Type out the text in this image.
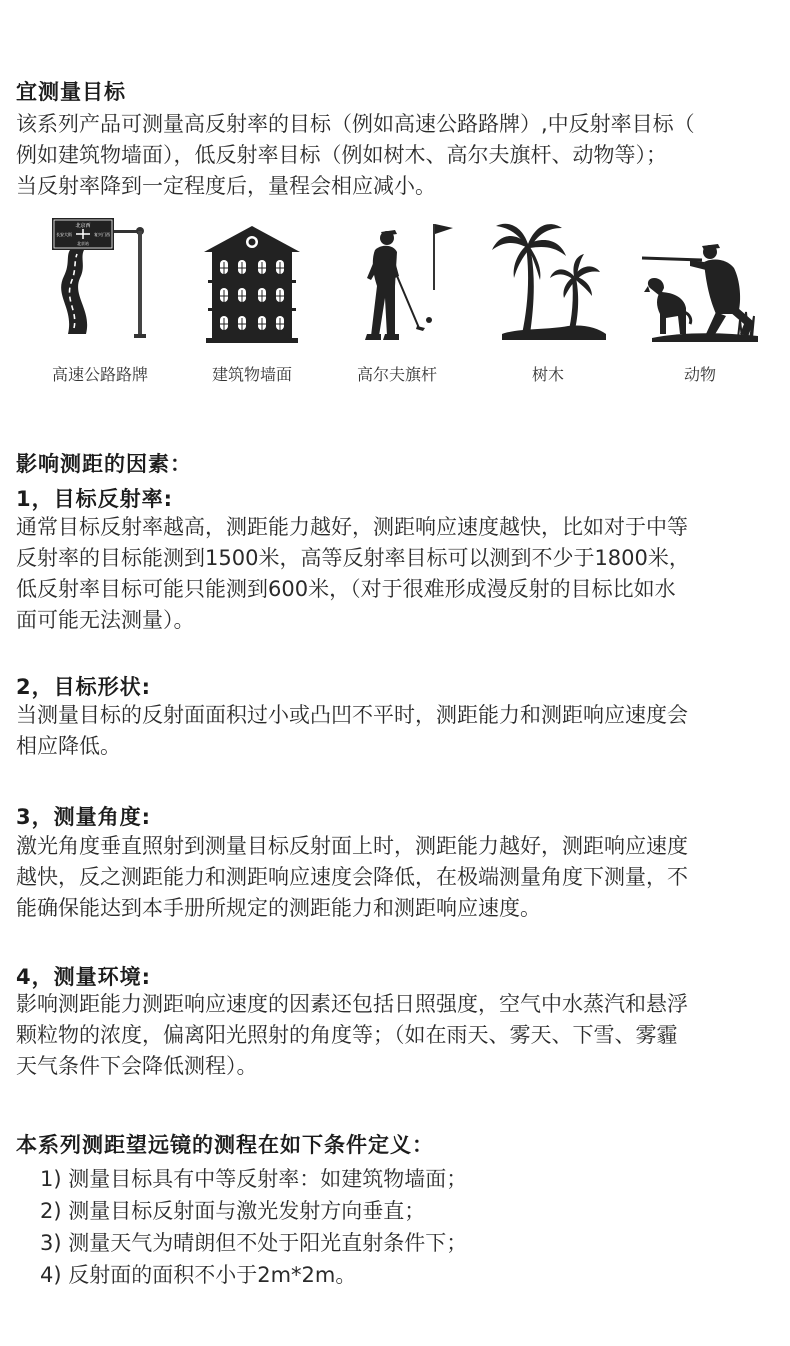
宜测量目标
该系列产品可测量高反射率的目标（例如高速公路路牌）,中反射率目标（
例如建筑物墙面），低反射率目标（例如树木、高尔夫旗杆、动物等）；
当反射率降到一定程度后，量程会相应减小。
北京西
长安大街	复兴门西
北京站
高速公路路牌	建筑物墙面	高尔夫旗杆	树木	动物
影响测距的因素：
1，目标反射率:
通常目标反射率越高，测距能力越好，测距响应速度越快，比如对于中等
反射率的目标能测到1500米，高等反射率目标可以测到不少于1800米，
低反射率目标可能只能测到600米，（对于很难形成漫反射的目标比如水
面可能无法测量）。
2，目标形状:
当测量目标的反射面面积过小或凸凹不平时，测距能力和测距响应速度会
相应降低。
3，测量角度:
激光角度垂直照射到测量目标反射面上时，测距能力越好，测距响应速度
越快，反之测距能力和测距响应速度会降低，在极端测量角度下测量，不
能确保能达到本手册所规定的测距能力和测距响应速度。
4，测量环境:
影响测距能力测距响应速度的因素还包括日照强度，空气中水蒸汽和悬浮
颗粒物的浓度，偏离阳光照射的角度等；（如在雨天、雾天、下雪、雾霾
天气条件下会降低测程）。
本系列测距望远镜的测程在如下条件定义：
1) 测量目标具有中等反射率：如建筑物墙面；
2) 测量目标反射面与激光发射方向垂直；
3) 测量天气为晴朗但不处于阳光直射条件下；
4) 反射面的面积不小于2m*2m。
